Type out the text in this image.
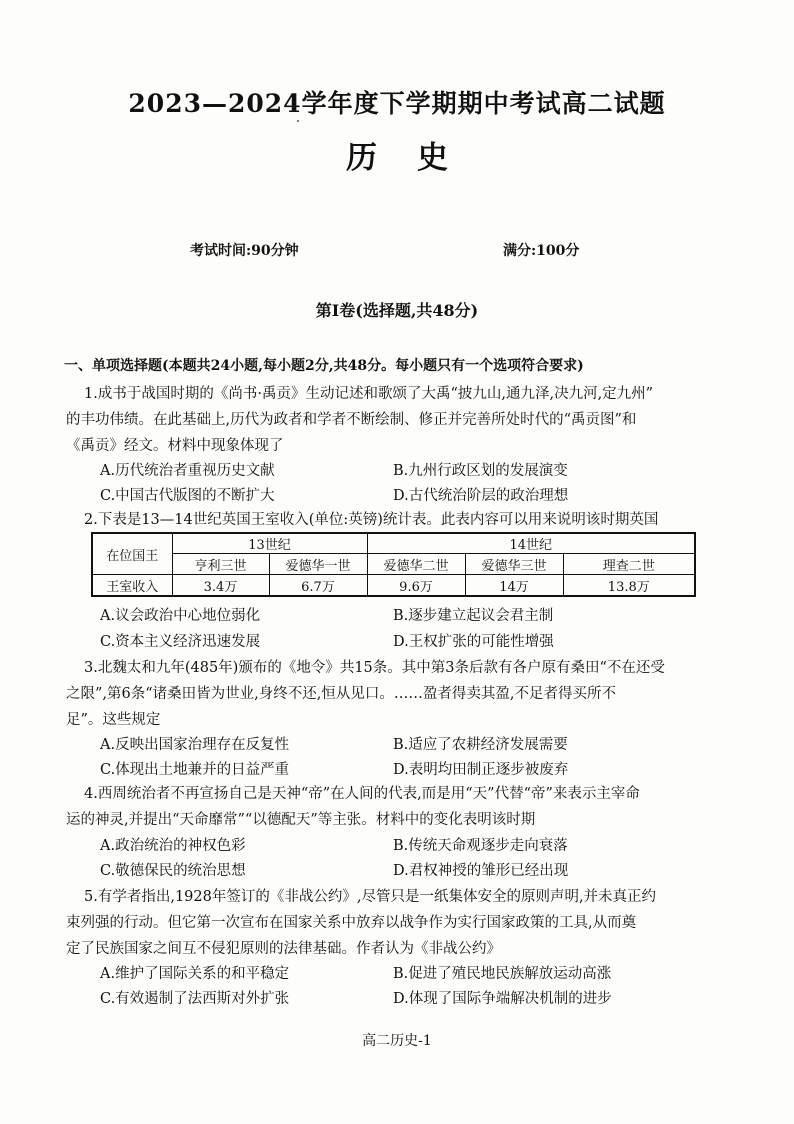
2023—2024学年度下学期期中考试高二试题
历史
考试时间:90分钟	满分:100分
第Ⅰ卷(选择题,共48分)
一、单项选择题(本题共24小题,每小题2分,共48分。每小题只有一个选项符合要求)
1.成书于战国时期的《尚书·禹贡》生动记述和歌颂了大禹“披九山,通九泽,决九河,定九州”
的丰功伟绩。在此基础上,历代为政者和学者不断绘制、修正并完善所处时代的“禹贡图”和
《禹贡》经文。材料中现象体现了
A.历代统治者重视历史文献	B.九州行政区划的发展演变
C.中国古代版图的不断扩大	D.古代统治阶层的政治理想
2.下表是13—14世纪英国王室收入(单位:英镑)统计表。此表内容可以用来说明该时期英国
在位国王	13世纪		14世纪		
	亨利三世	爱德华一世	爱德华二世	爱德华三世	理查二世
王室收入	3.4万	6.7万	9.6万	14万	13.8万
A.议会政治中心地位弱化	B.逐步建立起议会君主制
C.资本主义经济迅速发展	D.王权扩张的可能性增强
3.北魏太和九年(485年)颁布的《地令》共15条。其中第3条后款有各户原有桑田“不在还受
之限”,第6条“诸桑田皆为世业,身终不还,恒从见口。……盈者得卖其盈,不足者得买所不
足”。这些规定
A.反映出国家治理存在反复性	B.适应了农耕经济发展需要
C.体现出土地兼并的日益严重	D.表明均田制正逐步被废弃
4.西周统治者不再宣扬自己是天神“帝”在人间的代表,而是用“天”代替“帝”来表示主宰命
运的神灵,并提出“天命靡常”“以德配天”等主张。材料中的变化表明该时期
A.政治统治的神权色彩	B.传统天命观逐步走向衰落
C.敬德保民的统治思想	D.君权神授的雏形已经出现
5.有学者指出,1928年签订的《非战公约》,尽管只是一纸集体安全的原则声明,并未真正约
束列强的行动。但它第一次宣布在国家关系中放弃以战争作为实行国家政策的工具,从而奠
定了民族国家之间互不侵犯原则的法律基础。作者认为《非战公约》
A.维护了国际关系的和平稳定	B.促进了殖民地民族解放运动高涨
C.有效遏制了法西斯对外扩张	D.体现了国际争端解决机制的进步
高二历史-1
